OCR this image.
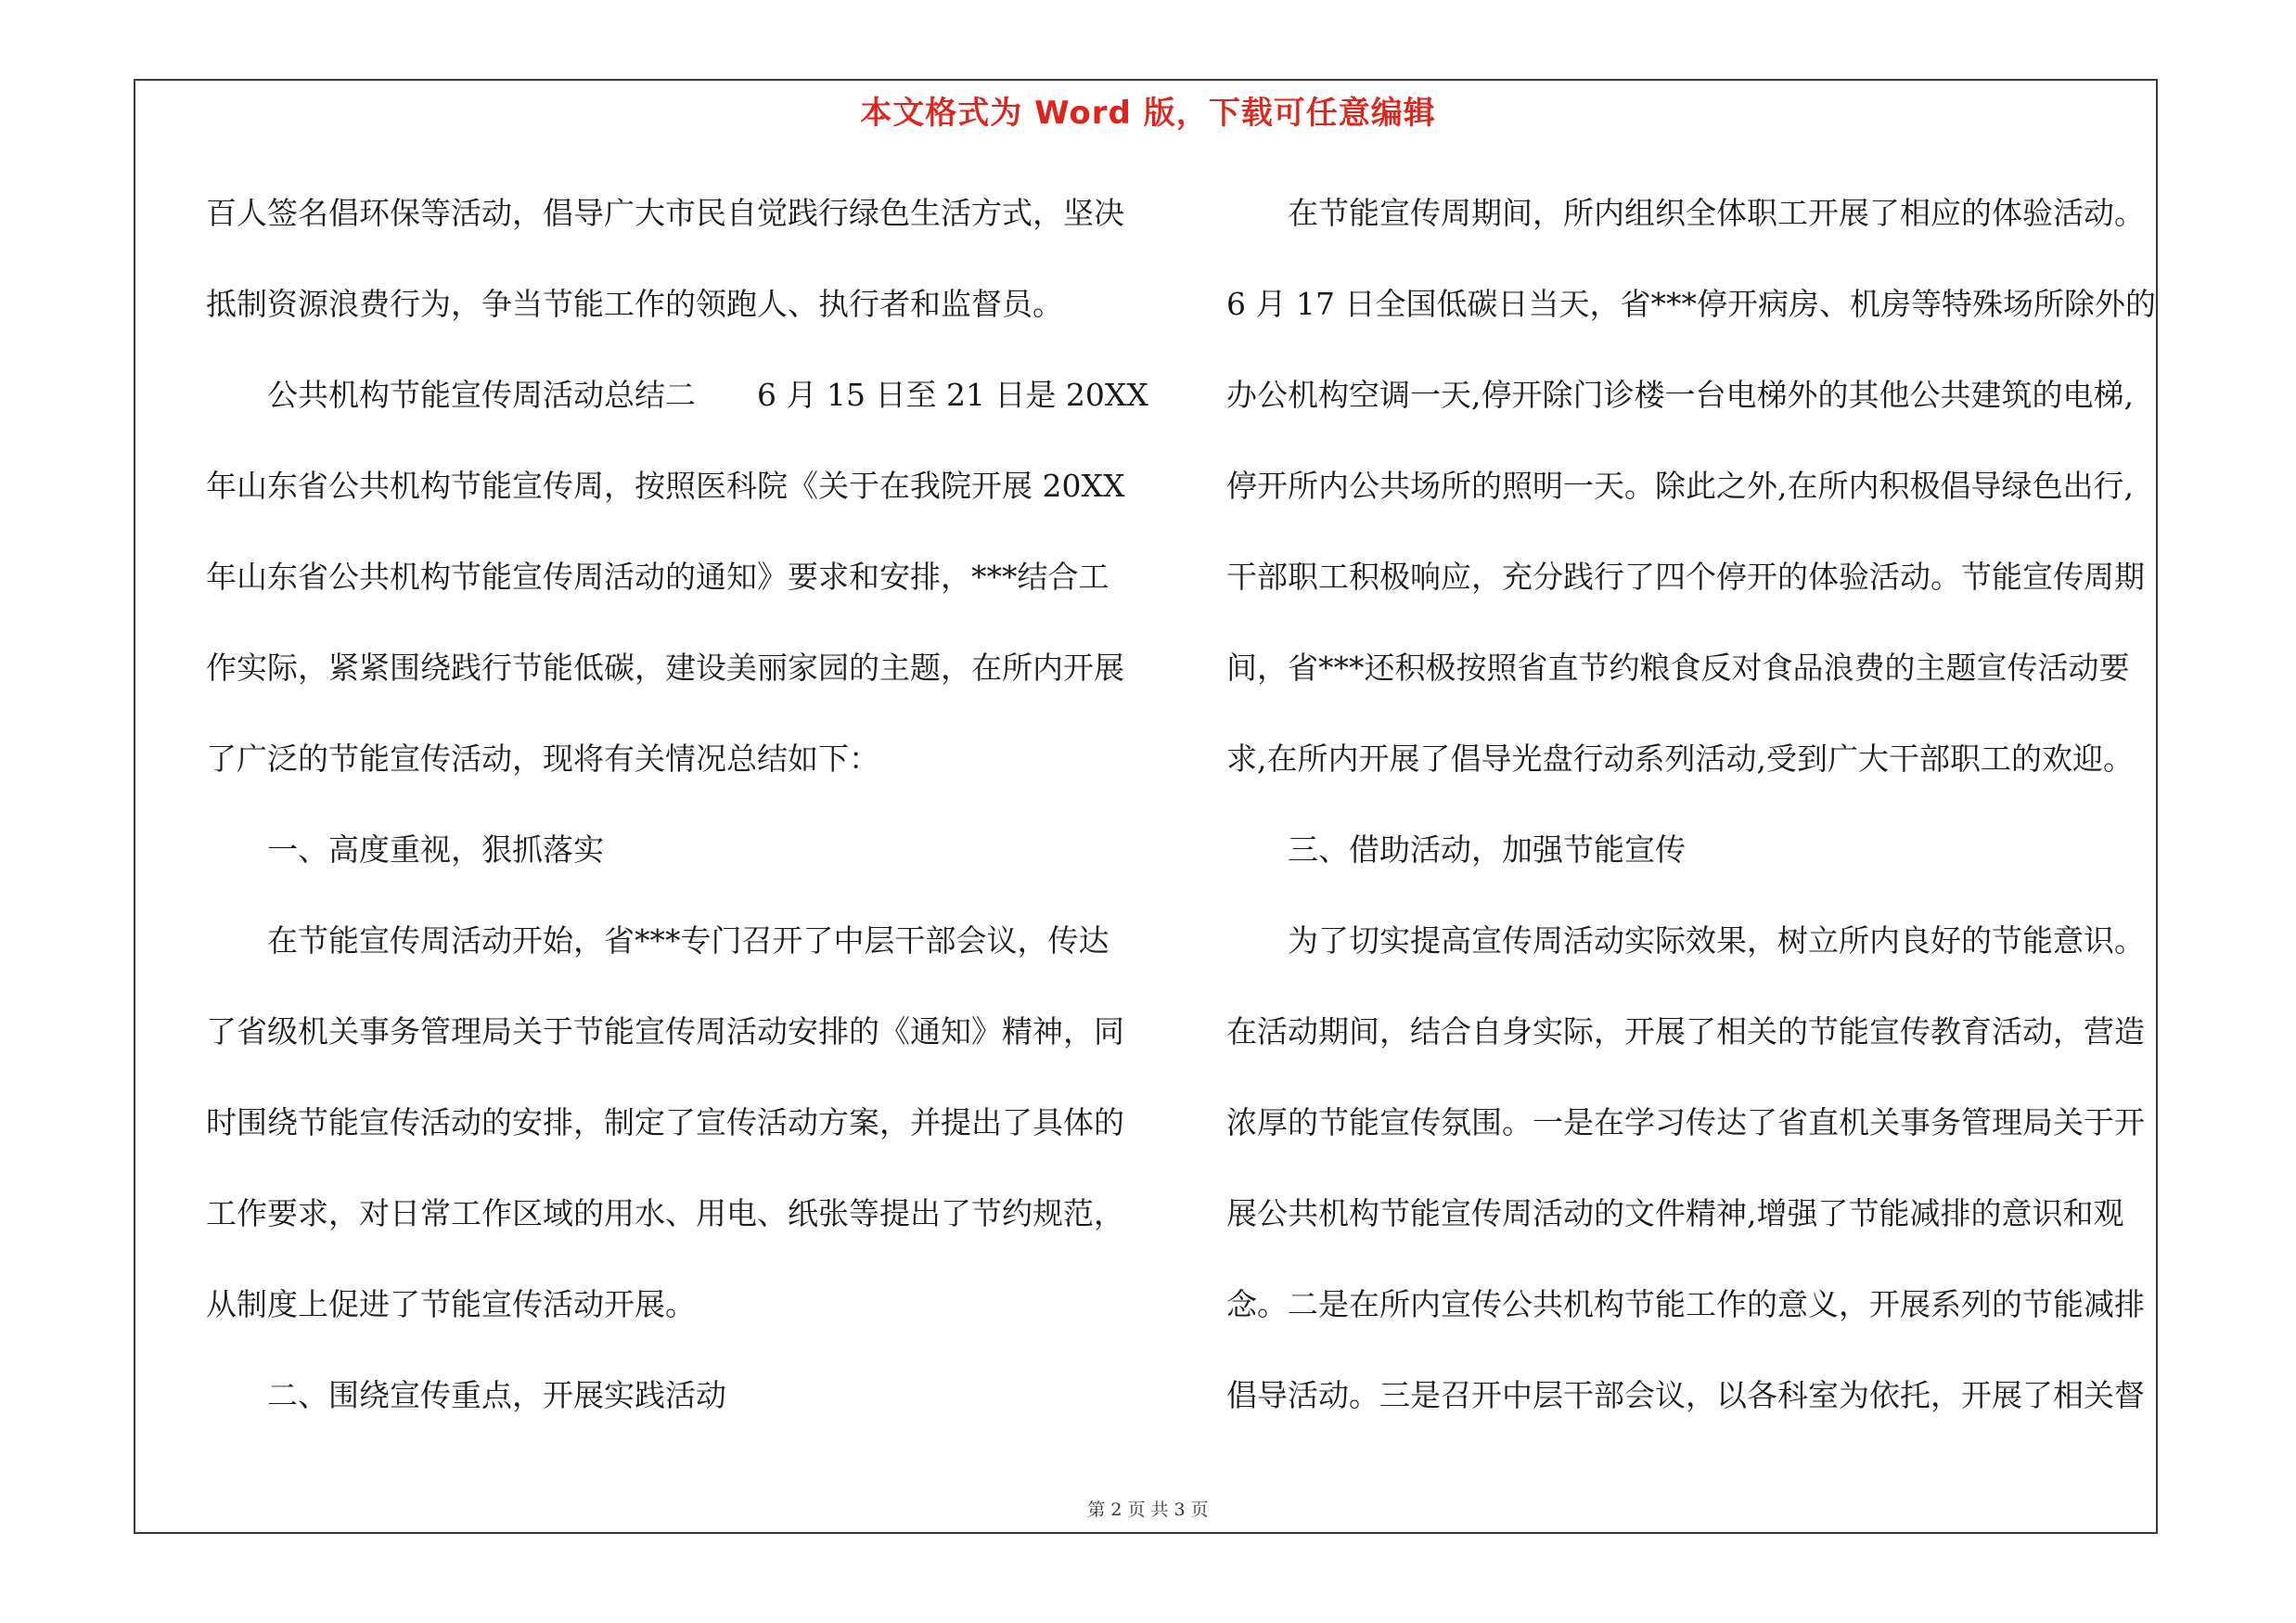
本文格式为 Word 版，下载可任意编辑
百人签名倡环保等活动，倡导广大市民自觉践行绿色生活方式，坚决
抵制资源浪费行为，争当节能工作的领跑人、执行者和监督员。
公共机构节能宣传周活动总结二　　6 月 15 日至 21 日是 20XX
年山东省公共机构节能宣传周，按照医科院《关于在我院开展 20XX
年山东省公共机构节能宣传周活动的通知》要求和安排，***结合工
作实际，紧紧围绕践行节能低碳，建设美丽家园的主题，在所内开展
了广泛的节能宣传活动，现将有关情况总结如下：
一、高度重视，狠抓落实
在节能宣传周活动开始，省***专门召开了中层干部会议，传达
了省级机关事务管理局关于节能宣传周活动安排的《通知》精神，同
时围绕节能宣传活动的安排，制定了宣传活动方案，并提出了具体的
工作要求，对日常工作区域的用水、用电、纸张等提出了节约规范，
从制度上促进了节能宣传活动开展。
二、围绕宣传重点，开展实践活动
在节能宣传周期间，所内组织全体职工开展了相应的体验活动。
6 月 17 日全国低碳日当天，省***停开病房、机房等特殊场所除外的
办公机构空调一天,停开除门诊楼一台电梯外的其他公共建筑的电梯,
停开所内公共场所的照明一天。除此之外,在所内积极倡导绿色出行,
干部职工积极响应，充分践行了四个停开的体验活动。节能宣传周期
间，省***还积极按照省直节约粮食反对食品浪费的主题宣传活动要
求,在所内开展了倡导光盘行动系列活动,受到广大干部职工的欢迎。
三、借助活动，加强节能宣传
为了切实提高宣传周活动实际效果，树立所内良好的节能意识。
在活动期间，结合自身实际，开展了相关的节能宣传教育活动，营造
浓厚的节能宣传氛围。一是在学习传达了省直机关事务管理局关于开
展公共机构节能宣传周活动的文件精神,增强了节能减排的意识和观
念。二是在所内宣传公共机构节能工作的意义，开展系列的节能减排
倡导活动。三是召开中层干部会议，以各科室为依托，开展了相关督
第 2 页 共 3 页
